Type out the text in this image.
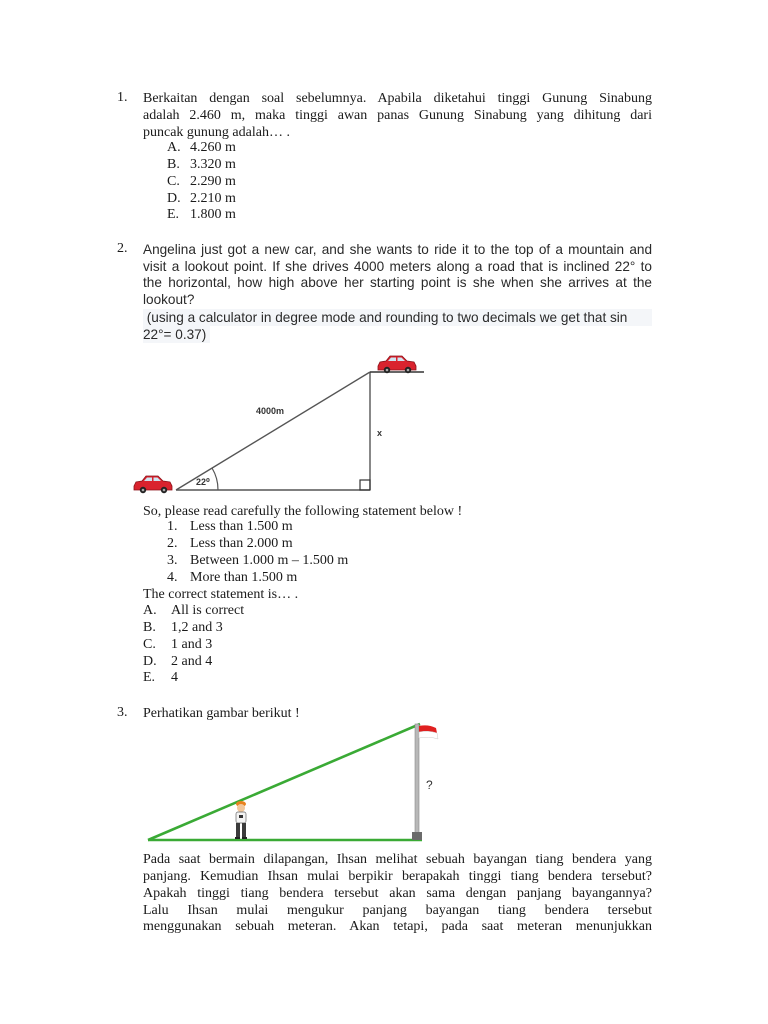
1. Berkaitan dengan soal sebelumnya. Apabila diketahui tinggi Gunung Sinabung
adalah 2.460 m, maka tinggi awan panas Gunung Sinabung yang dihitung dari
puncak gunung adalah… .
A. 4.260 m
B. 3.320 m
C. 2.290 m
D. 2.210 m
E. 1.800 m
2. Angelina just got a new car, and she wants to ride it to the top of a mountain and
visit a lookout point. If she drives 4000 meters along a road that is inclined 22° to
the horizontal, how high above her starting point is she when she arrives at the
lookout?
(using a calculator in degree mode and rounding to two decimals we get that sin
22°= 0.37)
4000m
x
22⁰
So, please read carefully the following statement below !
1. Less than 1.500 m
2. Less than 2.000 m
3. Between 1.000 m – 1.500 m
4. More than 1.500 m
The correct statement is… .
A. All is correct
B. 1,2 and 3
C. 1 and 3
D. 2 and 4
E. 4
3. Perhatikan gambar berikut !
?
Pada saat bermain dilapangan, Ihsan melihat sebuah bayangan tiang bendera yang
panjang. Kemudian Ihsan mulai berpikir berapakah tinggi tiang bendera tersebut?
Apakah tinggi tiang bendera tersebut akan sama dengan panjang bayangannya?
Lalu Ihsan mulai mengukur panjang bayangan tiang bendera tersebut
menggunakan sebuah meteran. Akan tetapi, pada saat meteran menunjukkan
